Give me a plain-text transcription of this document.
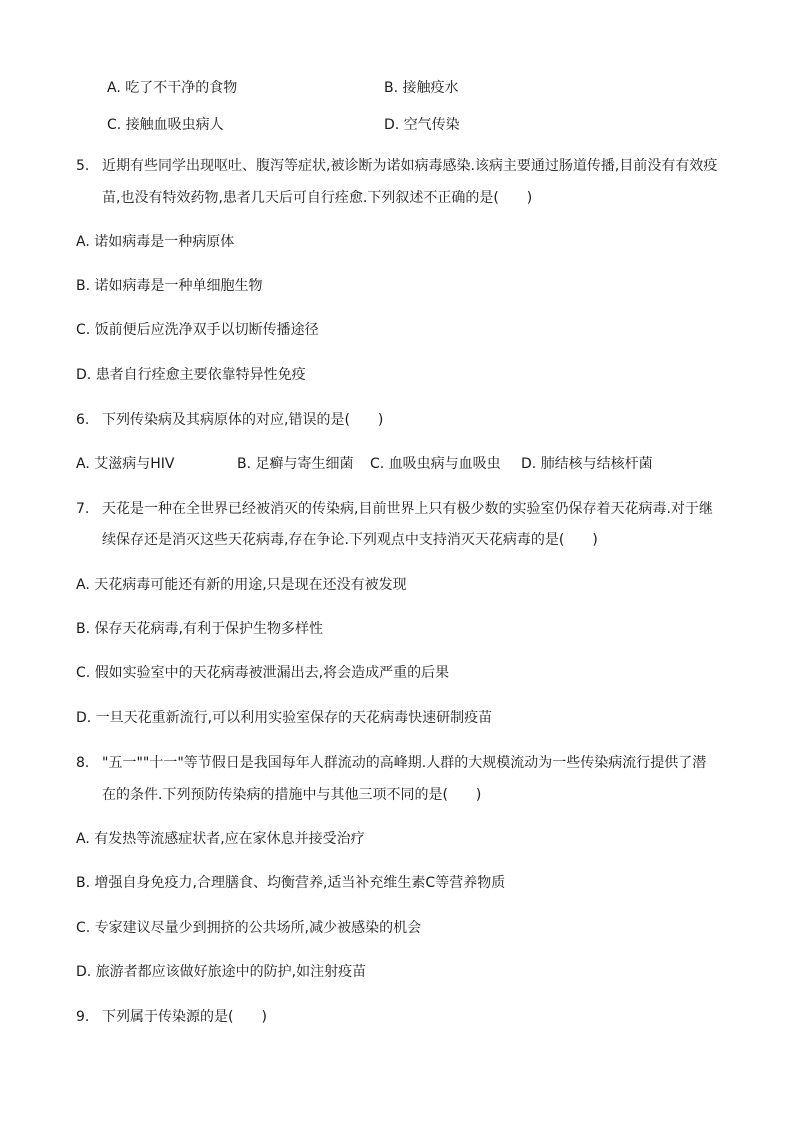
A. 吃了不干净的食物	B. 接触疫水
C. 接触血吸虫病人	D. 空气传染
5. 近期有些同学出现呕吐、腹泻等症状,被诊断为诺如病毒感染.该病主要通过肠道传播,目前没有有效疫
苗,也没有特效药物,患者几天后可自行痊愈.下列叙述不正确的是(　　)
A. 诺如病毒是一种病原体
B. 诺如病毒是一种单细胞生物
C. 饭前便后应洗净双手以切断传播途径
D. 患者自行痊愈主要依靠特异性免疫
6. 下列传染病及其病原体的对应,错误的是(　　)
A. 艾滋病与HIV	B. 足癣与寄生细菌 C. 血吸虫病与血吸虫 D. 肺结核与结核杆菌
7. 天花是一种在全世界已经被消灭的传染病,目前世界上只有极少数的实验室仍保存着天花病毒.对于继
续保存还是消灭这些天花病毒,存在争论.下列观点中支持消灭天花病毒的是(　　)
A. 天花病毒可能还有新的用途,只是现在还没有被发现
B. 保存天花病毒,有利于保护生物多样性
C. 假如实验室中的天花病毒被泄漏出去,将会造成严重的后果
D. 一旦天花重新流行,可以利用实验室保存的天花病毒快速研制疫苗
8. "五一""十一"等节假日是我国每年人群流动的高峰期.人群的大规模流动为一些传染病流行提供了潜
在的条件.下列预防传染病的措施中与其他三项不同的是(　　)
A. 有发热等流感症状者,应在家休息并接受治疗
B. 增强自身免疫力,合理膳食、均衡营养,适当补充维生素C等营养物质
C. 专家建议尽量少到拥挤的公共场所,减少被感染的机会
D. 旅游者都应该做好旅途中的防护,如注射疫苗
9. 下列属于传染源的是(　　)
